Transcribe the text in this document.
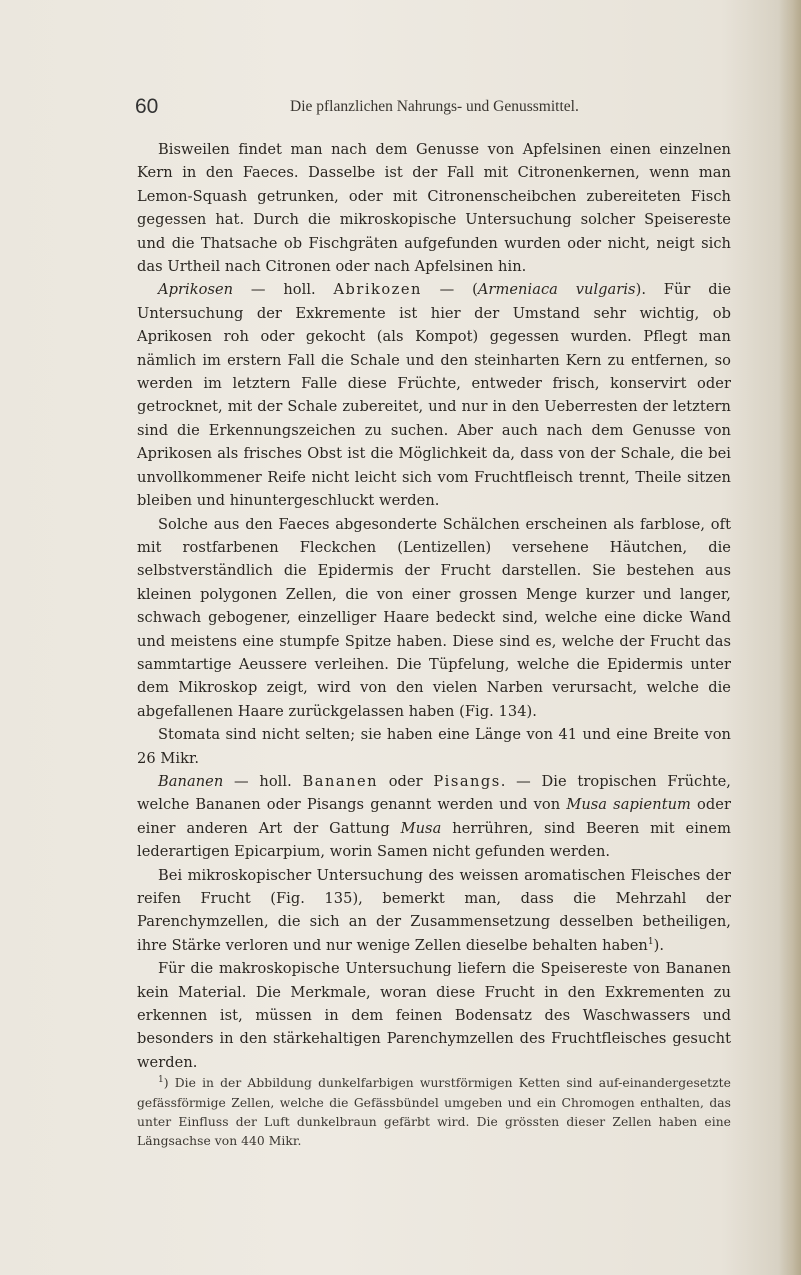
60	Die pflanzlichen Nahrungs- und Genussmittel.

Bisweilen findet man nach dem Genusse von Apfelsinen einen einzelnen Kern in den Faeces. Dasselbe ist der Fall mit Citronenkernen, wenn man Lemon-Squash getrunken, oder mit Citronenscheibchen zubereiteten Fisch gegessen hat. Durch die mikroskopische Untersuchung solcher Speisereste und die Thatsache ob Fischgräten aufgefunden wurden oder nicht, neigt sich das Urtheil nach Citronen oder nach Apfelsinen hin.

Aprikosen — holl. Abrikozen — (Armeniaca vulgaris). Für die Untersuchung der Exkremente ist hier der Umstand sehr wichtig, ob Aprikosen roh oder gekocht (als Kompot) gegessen wurden. Pflegt man nämlich im erstern Fall die Schale und den steinharten Kern zu entfernen, so werden im letztern Falle diese Früchte, entweder frisch, konservirt oder getrocknet, mit der Schale zubereitet, und nur in den Ueberresten der letztern sind die Erkennungszeichen zu suchen. Aber auch nach dem Genusse von Aprikosen als frisches Obst ist die Möglichkeit da, dass von der Schale, die bei unvollkommener Reife nicht leicht sich vom Fruchtfleisch trennt, Theile sitzen bleiben und hinuntergeschluckt werden.

Solche aus den Faeces abgesonderte Schälchen erscheinen als farblose, oft mit rostfarbenen Fleckchen (Lentizellen) versehene Häutchen, die selbstverständlich die Epidermis der Frucht darstellen. Sie bestehen aus kleinen polygonen Zellen, die von einer grossen Menge kurzer und langer, schwach gebogener, einzelliger Haare bedeckt sind, welche eine dicke Wand und meistens eine stumpfe Spitze haben. Diese sind es, welche der Frucht das sammtartige Aeussere verleihen. Die Tüpfelung, welche die Epidermis unter dem Mikroskop zeigt, wird von den vielen Narben verursacht, welche die abgefallenen Haare zurückgelassen haben (Fig. 134).

Stomata sind nicht selten; sie haben eine Länge von 41 und eine Breite von 26 Mikr.

Bananen — holl. Bananen oder Pisangs. — Die tropischen Früchte, welche Bananen oder Pisangs genannt werden und von Musa sapientum oder einer anderen Art der Gattung Musa herrühren, sind Beeren mit einem lederartigen Epicarpium, worin Samen nicht gefunden werden.

Bei mikroskopischer Untersuchung des weissen aromatischen Fleisches der reifen Frucht (Fig. 135), bemerkt man, dass die Mehrzahl der Parenchymzellen, die sich an der Zusammensetzung desselben betheiligen, ihre Stärke verloren und nur wenige Zellen dieselbe behalten haben$^1$).

Für die makroskopische Untersuchung liefern die Speisereste von Bananen kein Material. Die Merkmale, woran diese Frucht in den Exkrementen zu erkennen ist, müssen in dem feinen Bodensatz des Waschwassers und besonders in den stärkehaltigen Parenchymzellen des Fruchtfleisches gesucht werden.

$^1$) Die in der Abbildung dunkelfarbigen wurstförmigen Ketten sind auf-einandergesetzte gefässförmige Zellen, welche die Gefässbündel umgeben und ein Chromogen enthalten, das unter Einfluss der Luft dunkelbraun gefärbt wird. Die grössten dieser Zellen haben eine Längsachse von 440 Mikr.
